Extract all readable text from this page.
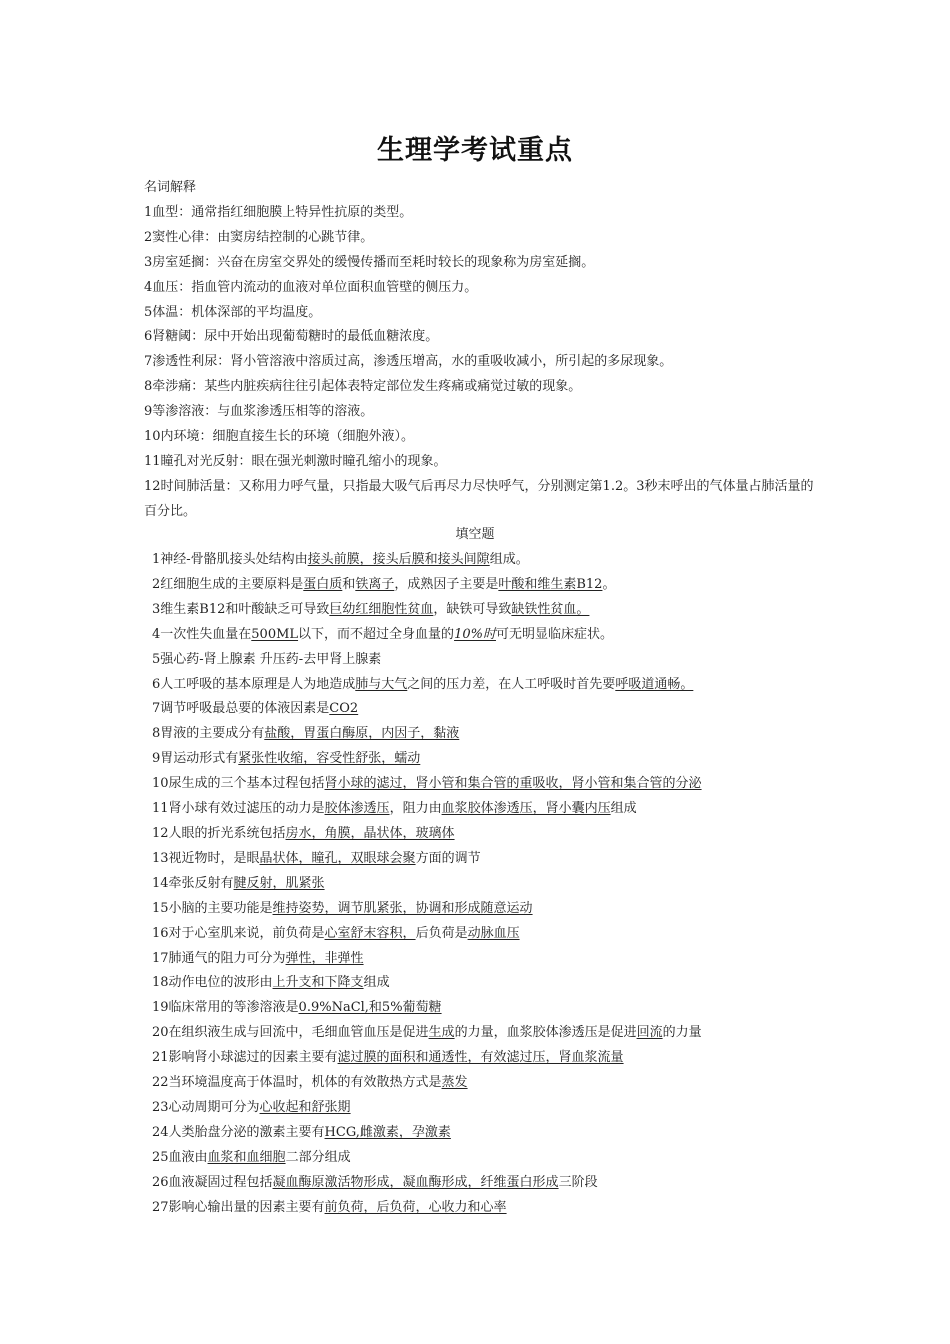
生理学考试重点
名词解释
1血型：通常指红细胞膜上特异性抗原的类型。
2窦性心律：由窦房结控制的心跳节律。
3房室延搁：兴奋在房室交界处的缓慢传播而至耗时较长的现象称为房室延搁。
4血压：指血管内流动的血液对单位面积血管壁的侧压力。
5体温：机体深部的平均温度。
6肾糖阈：尿中开始出现葡萄糖时的最低血糖浓度。
7渗透性利尿：肾小管溶液中溶质过高，渗透压增高，水的重吸收减小，所引起的多尿现象。
8牵涉痛：某些内脏疾病往往引起体表特定部位发生疼痛或痛觉过敏的现象。
9等渗溶液：与血浆渗透压相等的溶液。
10内环境：细胞直接生长的环境（细胞外液）。
11瞳孔对光反射：眼在强光刺激时瞳孔缩小的现象。
12时间肺活量：又称用力呼气量，只指最大吸气后再尽力尽快呼气，分别测定第1.2。3秒末呼出的气体量占肺活量的百分比。
填空题
1神经-骨骼肌接头处结构由接头前膜，接头后膜和接头间隙组成。
2红细胞生成的主要原料是蛋白质和铁离子，成熟因子主要是叶酸和维生素B12。
3维生素B12和叶酸缺乏可导致巨幼红细胞性贫血，缺铁可导致缺铁性贫血。
4一次性失血量在500ML以下，而不超过全身血量的10%时可无明显临床症状。
5强心药-肾上腺素 升压药-去甲肾上腺素
6人工呼吸的基本原理是人为地造成肺与大气之间的压力差，在人工呼吸时首先要呼吸道通畅。
7调节呼吸最总要的体液因素是CO2
8胃液的主要成分有盐酸，胃蛋白酶原，内因子，黏液
9胃运动形式有紧张性收缩，容受性舒张，蠕动
10尿生成的三个基本过程包括肾小球的滤过，肾小管和集合管的重吸收，肾小管和集合管的分泌
11肾小球有效过滤压的动力是胶体渗透压，阻力由血浆胶体渗透压，肾小囊内压组成
12人眼的折光系统包括房水，角膜，晶状体，玻璃体
13视近物时，是眼晶状体，瞳孔，双眼球会聚方面的调节
14牵张反射有腱反射，肌紧张
15小脑的主要功能是维持姿势，调节肌紧张，协调和形成随意运动
16对于心室肌来说，前负荷是心室舒末容积，后负荷是动脉血压
17肺通气的阻力可分为弹性，非弹性
18动作电位的波形由上升支和下降支组成
19临床常用的等渗溶液是0.9%NaCl,和5%葡萄糖
20在组织液生成与回流中，毛细血管血压是促进生成的力量，血浆胶体渗透压是促进回流的力量
21影响肾小球滤过的因素主要有滤过膜的面积和通透性，有效滤过压，肾血浆流量
22当环境温度高于体温时，机体的有效散热方式是蒸发
23心动周期可分为心收起和舒张期
24人类胎盘分泌的激素主要有HCG,雌激素，孕激素
25血液由血浆和血细胞二部分组成
26血液凝固过程包括凝血酶原激活物形成，凝血酶形成，纤维蛋白形成三阶段
27影响心输出量的因素主要有前负荷，后负荷，心收力和心率
